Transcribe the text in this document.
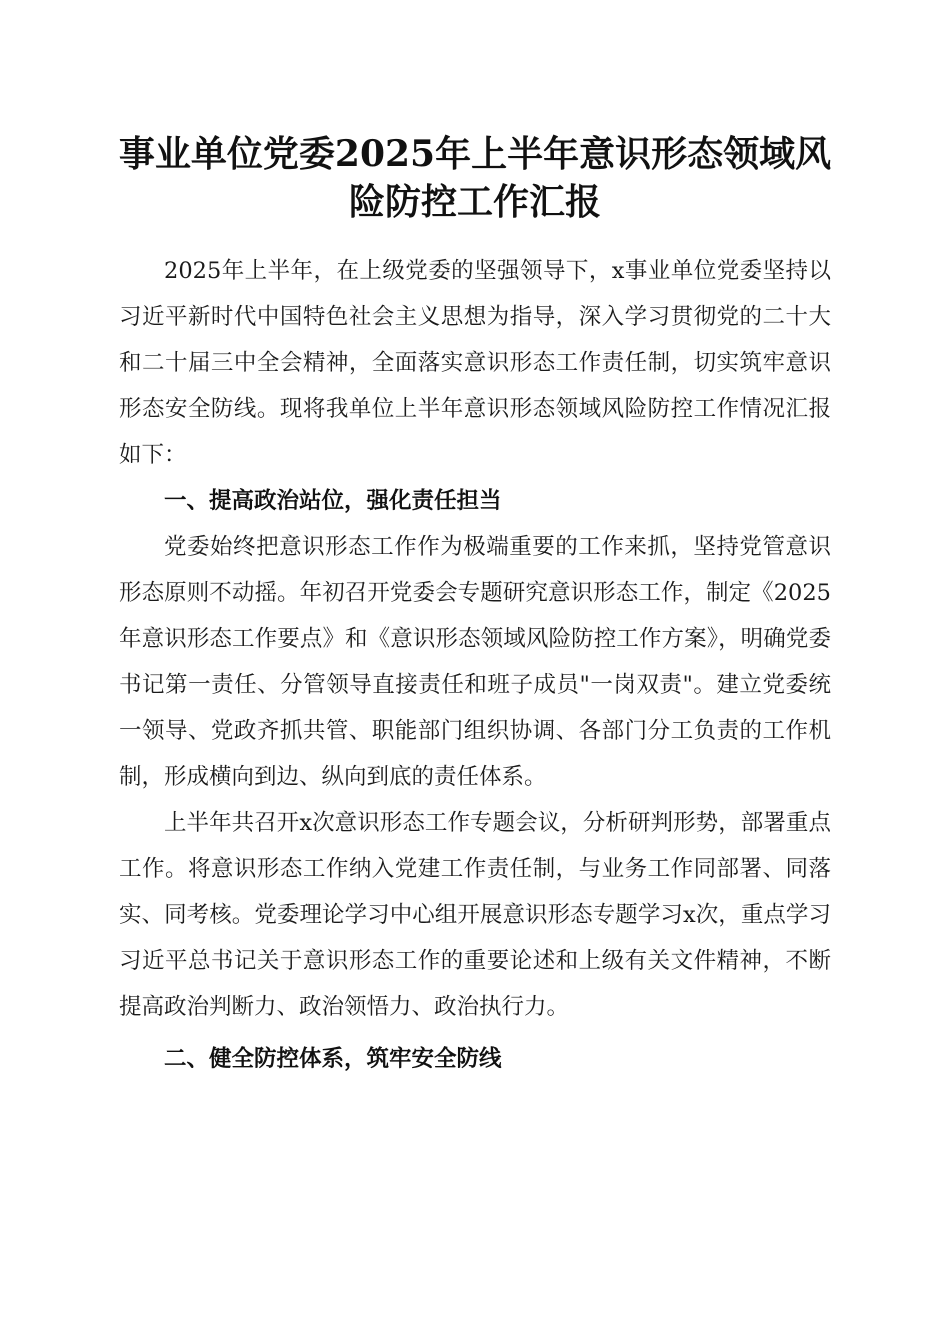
事业单位党委2025年上半年意识形态领域风
险防控工作汇报

2025年上半年，在上级党委的坚强领导下，x事业单位党委坚持以习近平新时代中国特色社会主义思想为指导，深入学习贯彻党的二十大和二十届三中全会精神，全面落实意识形态工作责任制，切实筑牢意识形态安全防线。现将我单位上半年意识形态领域风险防控工作情况汇报如下：

一、提高政治站位，强化责任担当

党委始终把意识形态工作作为极端重要的工作来抓，坚持党管意识形态原则不动摇。年初召开党委会专题研究意识形态工作，制定《2025年意识形态工作要点》和《意识形态领域风险防控工作方案》，明确党委书记第一责任、分管领导直接责任和班子成员"一岗双责"。建立党委统一领导、党政齐抓共管、职能部门组织协调、各部门分工负责的工作机制，形成横向到边、纵向到底的责任体系。

上半年共召开x次意识形态工作专题会议，分析研判形势，部署重点工作。将意识形态工作纳入党建工作责任制，与业务工作同部署、同落实、同考核。党委理论学习中心组开展意识形态专题学习x次，重点学习习近平总书记关于意识形态工作的重要论述和上级有关文件精神，不断提高政治判断力、政治领悟力、政治执行力。

二、健全防控体系，筑牢安全防线
